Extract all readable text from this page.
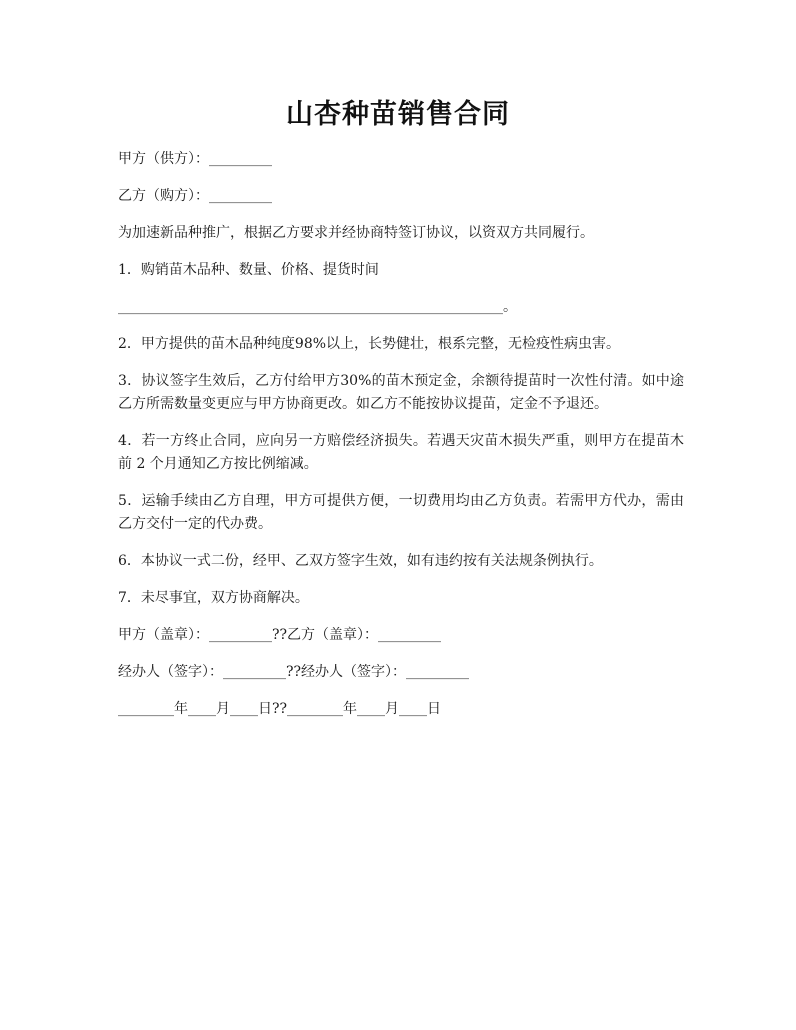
山杏种苗销售合同

甲方（供方）：_________

乙方（购方）：_________

为加速新品种推广，根据乙方要求并经协商特签订协议，以资双方共同履行。

1．购销苗木品种、数量、价格、提货时间

_______________________________________________________。

2．甲方提供的苗木品种纯度98%以上，长势健壮，根系完整，无检疫性病虫害。

3．协议签字生效后，乙方付给甲方30%的苗木预定金，余额待提苗时一次性付清。如中途乙方所需数量变更应与甲方协商更改。如乙方不能按协议提苗，定金不予退还。

4．若一方终止合同，应向另一方赔偿经济损失。若遇天灾苗木损失严重，则甲方在提苗木前 2 个月通知乙方按比例缩减。

5．运输手续由乙方自理，甲方可提供方便，一切费用均由乙方负责。若需甲方代办，需由乙方交付一定的代办费。

6．本协议一式二份，经甲、乙双方签字生效，如有违约按有关法规条例执行。

7．未尽事宜，双方协商解决。

甲方（盖章）：_________??乙方（盖章）：_________

经办人（签字）：_________??经办人（签字）：_________

________年____月____日??________年____月____日
